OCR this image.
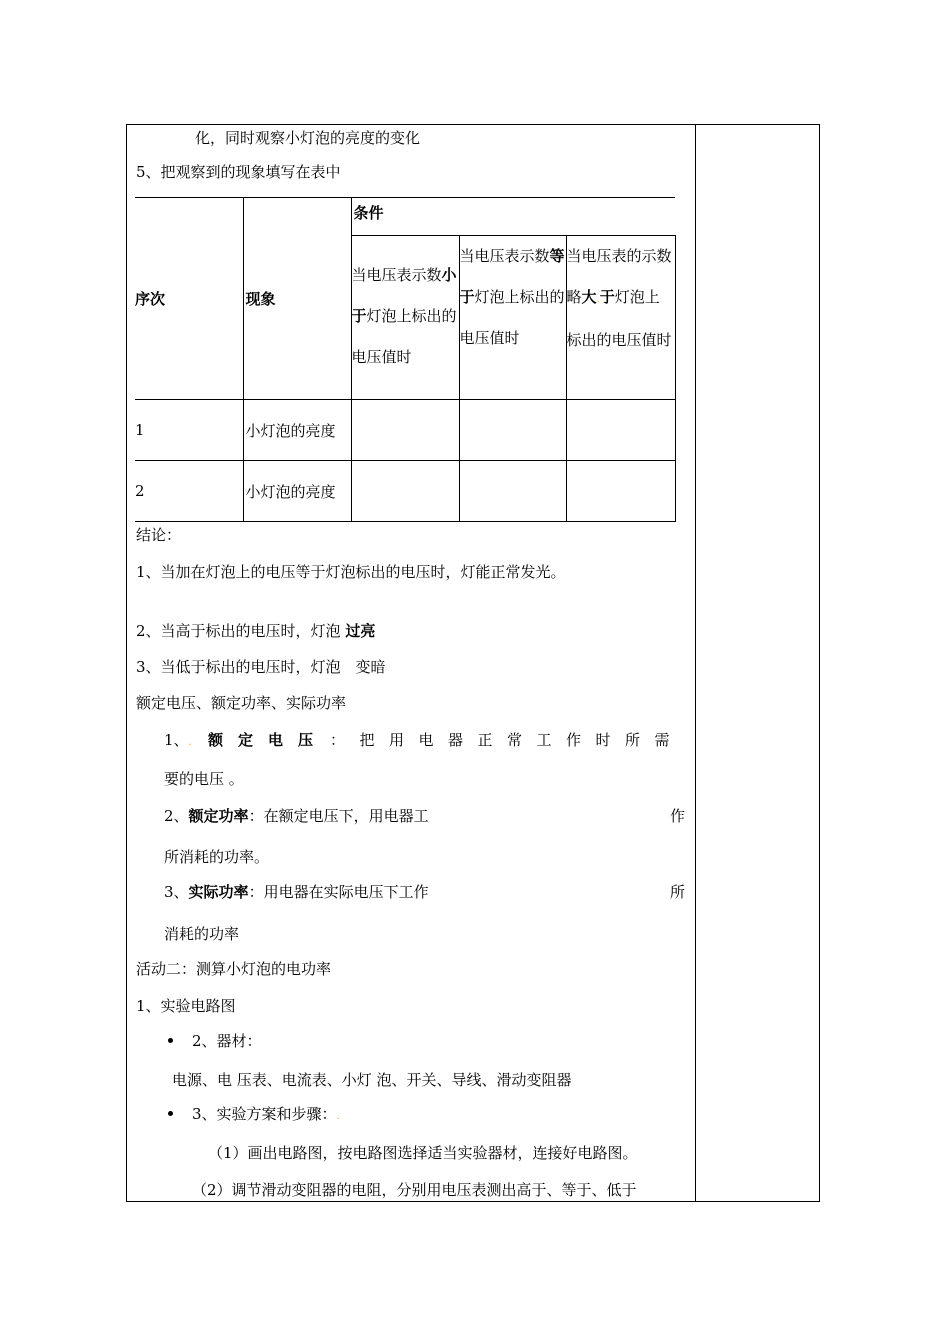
化，同时观察小灯泡的亮度的变化
5、把观察到的现象填写在表中
序次	现象	条件		
		当电压表示数小于灯泡上标出的电压值时	当电压表示数等于灯泡上标出的电压值时	当电压表的示数略大.于灯泡上标出的电压值时
1	小灯泡的亮度			
2	小灯泡的亮度			
结论：
1、当加在灯泡上的电压等于灯泡标出的电压时，灯能正常发光。
2、当高于标出的电压时，灯泡 过亮
3、当低于标出的电压时，灯泡　变暗
额定电压、额定功率、实际功率
1、. 额定电压 ：把用电器正常工作时所需
要的电压 。
2、额定功率：在额定电压下，用电器工	作
所消耗的功率。
3、实际功率：用电器在实际电压下工作	所
消耗的功率
活动二：测算小灯泡的电功率
1、实验电路图
2、器材：
电源、电 压表、电流表、小灯 泡、开关、导线、滑动变阻器
3、实验方案和步骤：.
（1）画出电路图，按电路图选择适当实验器材，连接好电路图。
（2）调节滑动变阻器的电阻，分别用电压表测出高于、等于、低于
